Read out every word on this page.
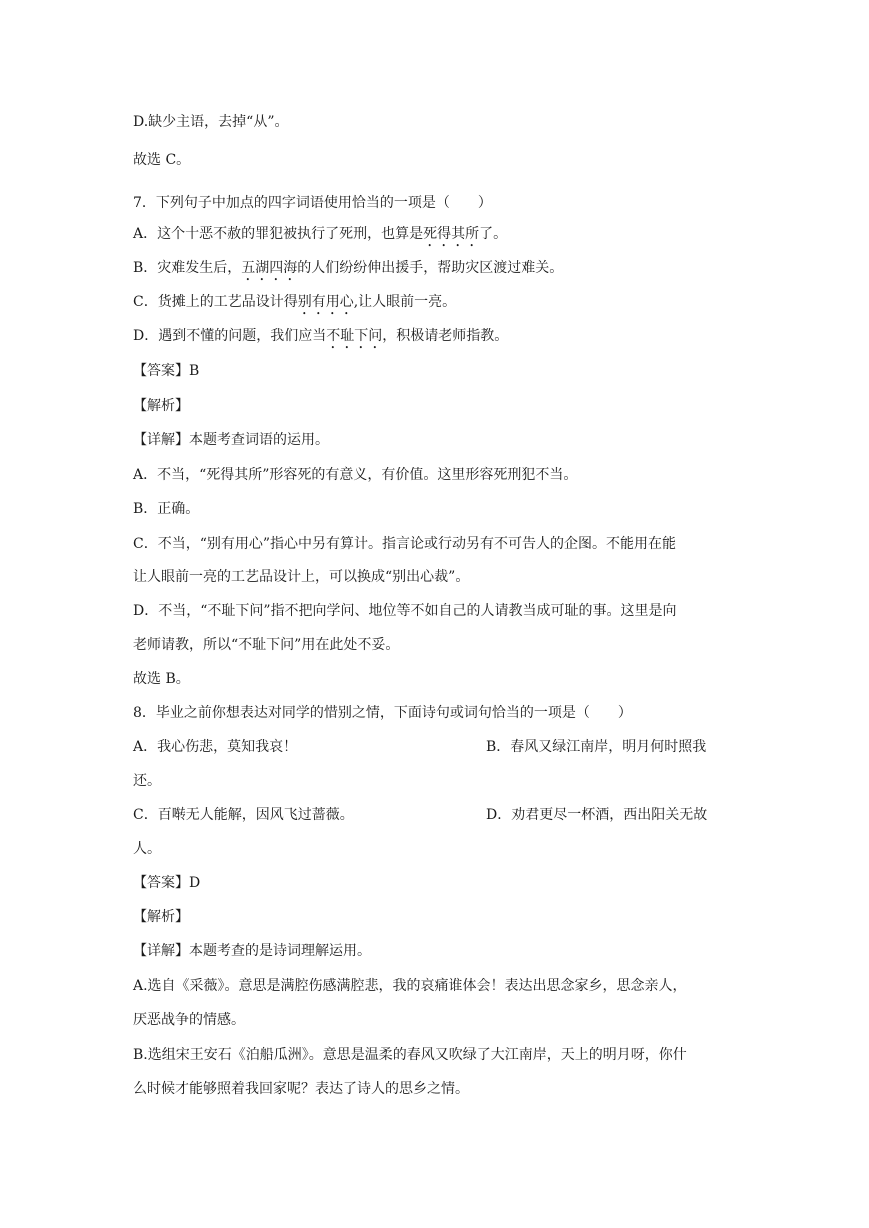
D.缺少主语，去掉“从”。
故选 C。
7．下列句子中加点的四字词语使用恰当的一项是（　　）
A．这个十恶不赦的罪犯被执行了死刑，也算是死得其所了。
B．灾难发生后，五湖四海的人们纷纷伸出援手，帮助灾区渡过难关。
C．货摊上的工艺品设计得别有用心,让人眼前一亮。
D．遇到不懂的问题，我们应当不耻下问，积极请老师指教。
【答案】B
【解析】
【详解】本题考查词语的运用。
A．不当，“死得其所”形容死的有意义，有价值。这里形容死刑犯不当。
B．正确。
C．不当，“别有用心”指心中另有算计。指言论或行动另有不可告人的企图。不能用在能
让人眼前一亮的工艺品设计上，可以换成“别出心裁”。
D．不当，“不耻下问”指不把向学问、地位等不如自己的人请教当成可耻的事。这里是向
老师请教，所以“不耻下问”用在此处不妥。
故选 B。
8．毕业之前你想表达对同学的惜别之情，下面诗句或词句恰当的一项是（　　）
A．我心伤悲，莫知我哀！	B．春风又绿江南岸，明月何时照我
还。
C．百啭无人能解，因风飞过蔷薇。	D．劝君更尽一杯酒，西出阳关无故
人。
【答案】D
【解析】
【详解】本题考查的是诗词理解运用。
A.选自《采薇》。意思是满腔伤感满腔悲，我的哀痛谁体会！表达出思念家乡，思念亲人，
厌恶战争的情感。
B.选组宋王安石《泊船瓜洲》。意思是温柔的春风又吹绿了大江南岸，天上的明月呀，你什
么时候才能够照着我回家呢？表达了诗人的思乡之情。
